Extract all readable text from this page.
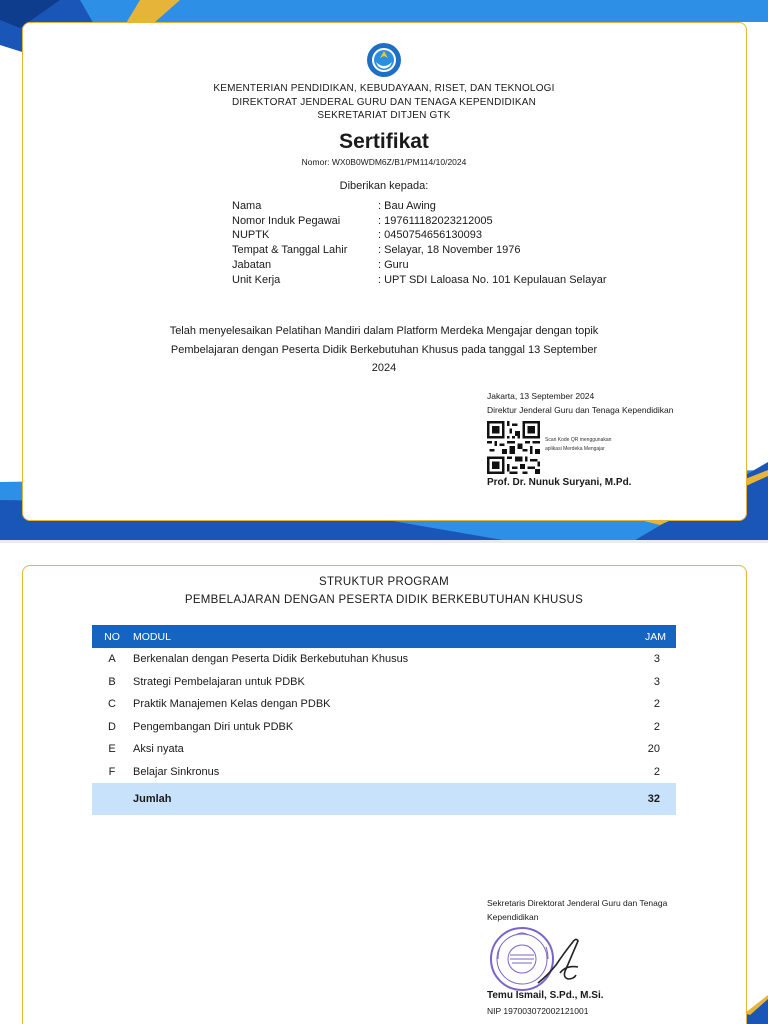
KEMENTERIAN PENDIDIKAN, KEBUDAYAAN, RISET, DAN TEKNOLOGI
DIREKTORAT JENDERAL GURU DAN TENAGA KEPENDIDIKAN
SEKRETARIAT DITJEN GTK
Sertifikat
Nomor: WX0B0WDM6Z/B1/PM114/10/2024
Diberikan kepada:
Nama	: Bau Awing
Nomor Induk Pegawai	: 197611182023212005
NUPTK	: 0450754656130093
Tempat & Tanggal Lahir	: Selayar, 18 November 1976
Jabatan	: Guru
Unit Kerja	: UPT SDI Laloasa No. 101 Kepulauan Selayar
Telah menyelesaikan Pelatihan Mandiri dalam Platform Merdeka Mengajar dengan topik
Pembelajaran dengan Peserta Didik Berkebutuhan Khusus pada tanggal 13 September
2024
Jakarta, 13 September 2024
Direktur Jenderal Guru dan Tenaga Kependidikan
Scan Kode QR menggunakan
aplikasi Merdeka Mengajar
Prof. Dr. Nunuk Suryani, M.Pd.
STRUKTUR PROGRAM
PEMBELAJARAN DENGAN PESERTA DIDIK BERKEBUTUHAN KHUSUS
NO	MODUL	JAM
A	Berkenalan dengan Peserta Didik Berkebutuhan Khusus	3
B	Strategi Pembelajaran untuk PDBK	3
C	Praktik Manajemen Kelas dengan PDBK	2
D	Pengembangan Diri untuk PDBK	2
E	Aksi nyata	20
F	Belajar Sinkronus	2
	Jumlah	32
Sekretaris Direktorat Jenderal Guru dan Tenaga
Kependidikan
Temu Ismail, S.Pd., M.Si.
NIP 197003072002121001
